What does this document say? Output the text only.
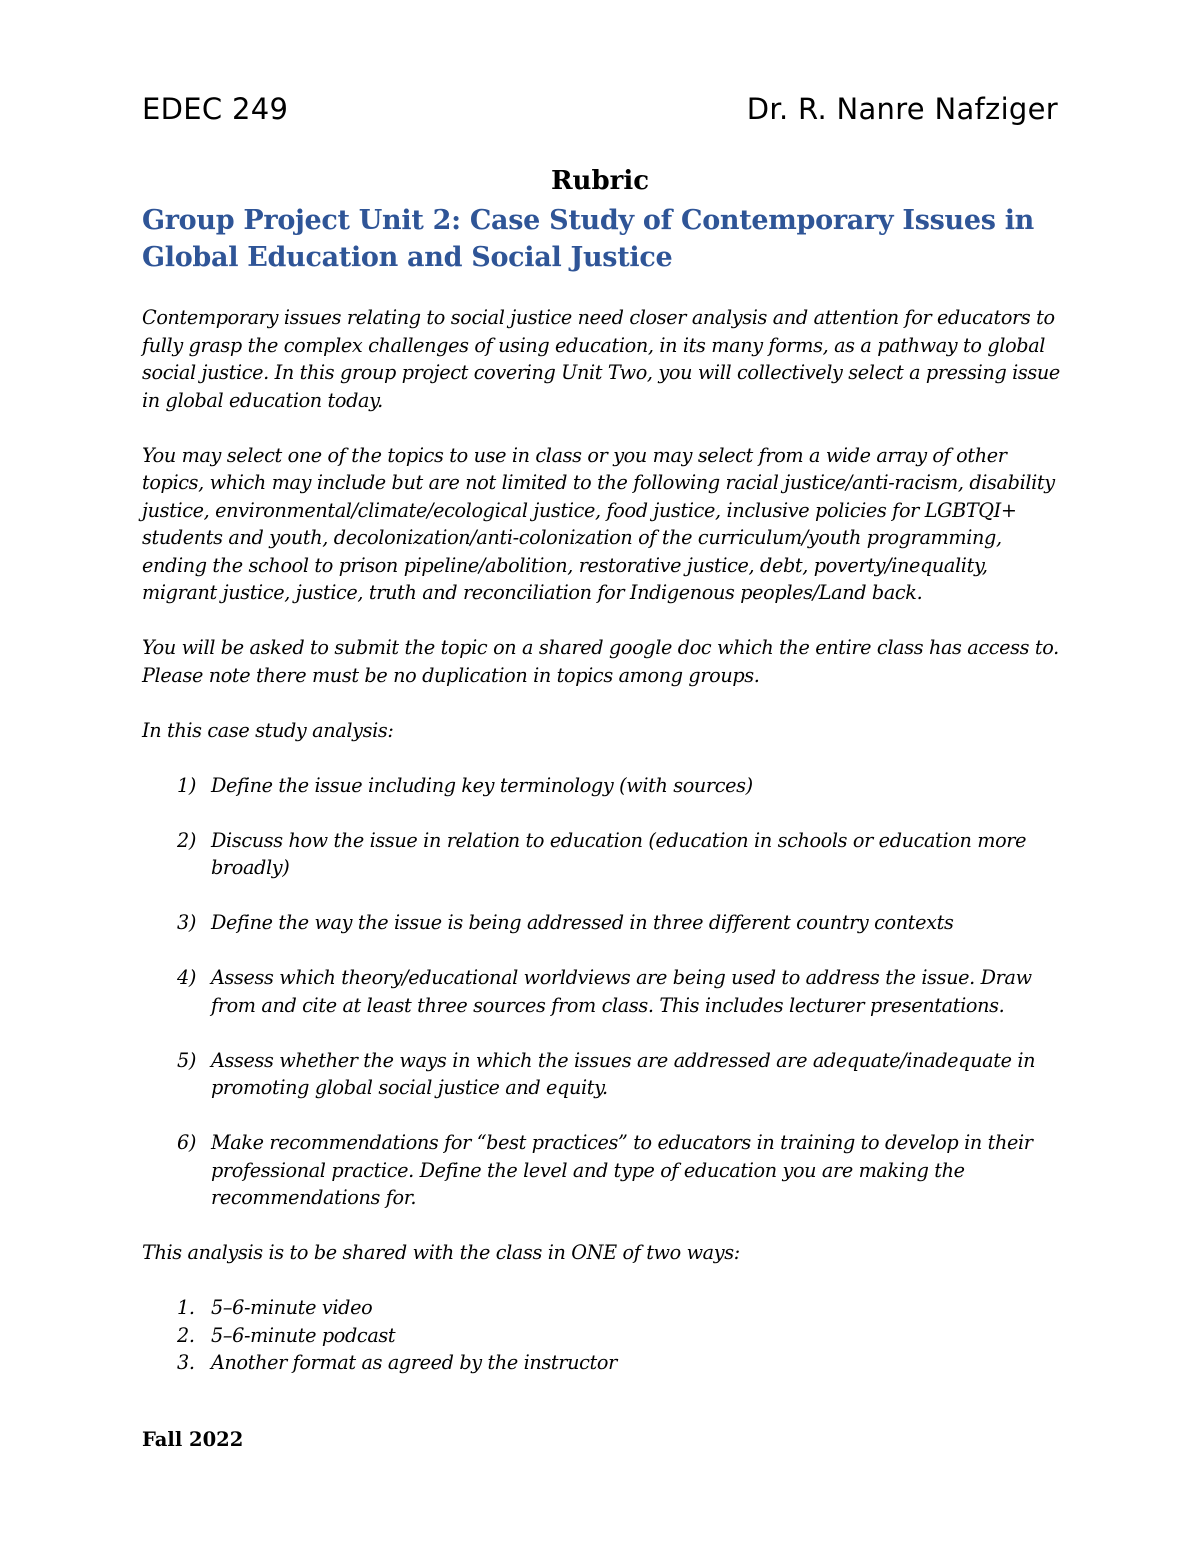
EDEC 249	Dr. R. Nanre Nafziger
Rubric
Group Project Unit 2: Case Study of Contemporary Issues in Global Education and Social Justice

Contemporary issues relating to social justice need closer analysis and attention for educators to fully grasp the complex challenges of using education, in its many forms, as a pathway to global social justice. In this group project covering Unit Two, you will collectively select a pressing issue in global education today.

You may select one of the topics to use in class or you may select from a wide array of other topics, which may include but are not limited to the following racial justice/anti-racism, disability justice, environmental/climate/ecological justice, food justice, inclusive policies for LGBTQI+ students and youth, decolonization/anti-colonization of the curriculum/youth programming, ending the school to prison pipeline/abolition, restorative justice, debt, poverty/inequality, migrant justice, justice, truth and reconciliation for Indigenous peoples/Land back.

You will be asked to submit the topic on a shared google doc which the entire class has access to. Please note there must be no duplication in topics among groups.

In this case study analysis:

1) Define the issue including key terminology (with sources)
2) Discuss how the issue in relation to education (education in schools or education more broadly)
3) Define the way the issue is being addressed in three different country contexts
4) Assess which theory/educational worldviews are being used to address the issue. Draw from and cite at least three sources from class. This includes lecturer presentations.
5) Assess whether the ways in which the issues are addressed are adequate/inadequate in promoting global social justice and equity.
6) Make recommendations for “best practices” to educators in training to develop in their professional practice. Define the level and type of education you are making the recommendations for.

This analysis is to be shared with the class in ONE of two ways:

1. 5–6-minute video
2. 5–6-minute podcast
3. Another format as agreed by the instructor
Fall 2022
